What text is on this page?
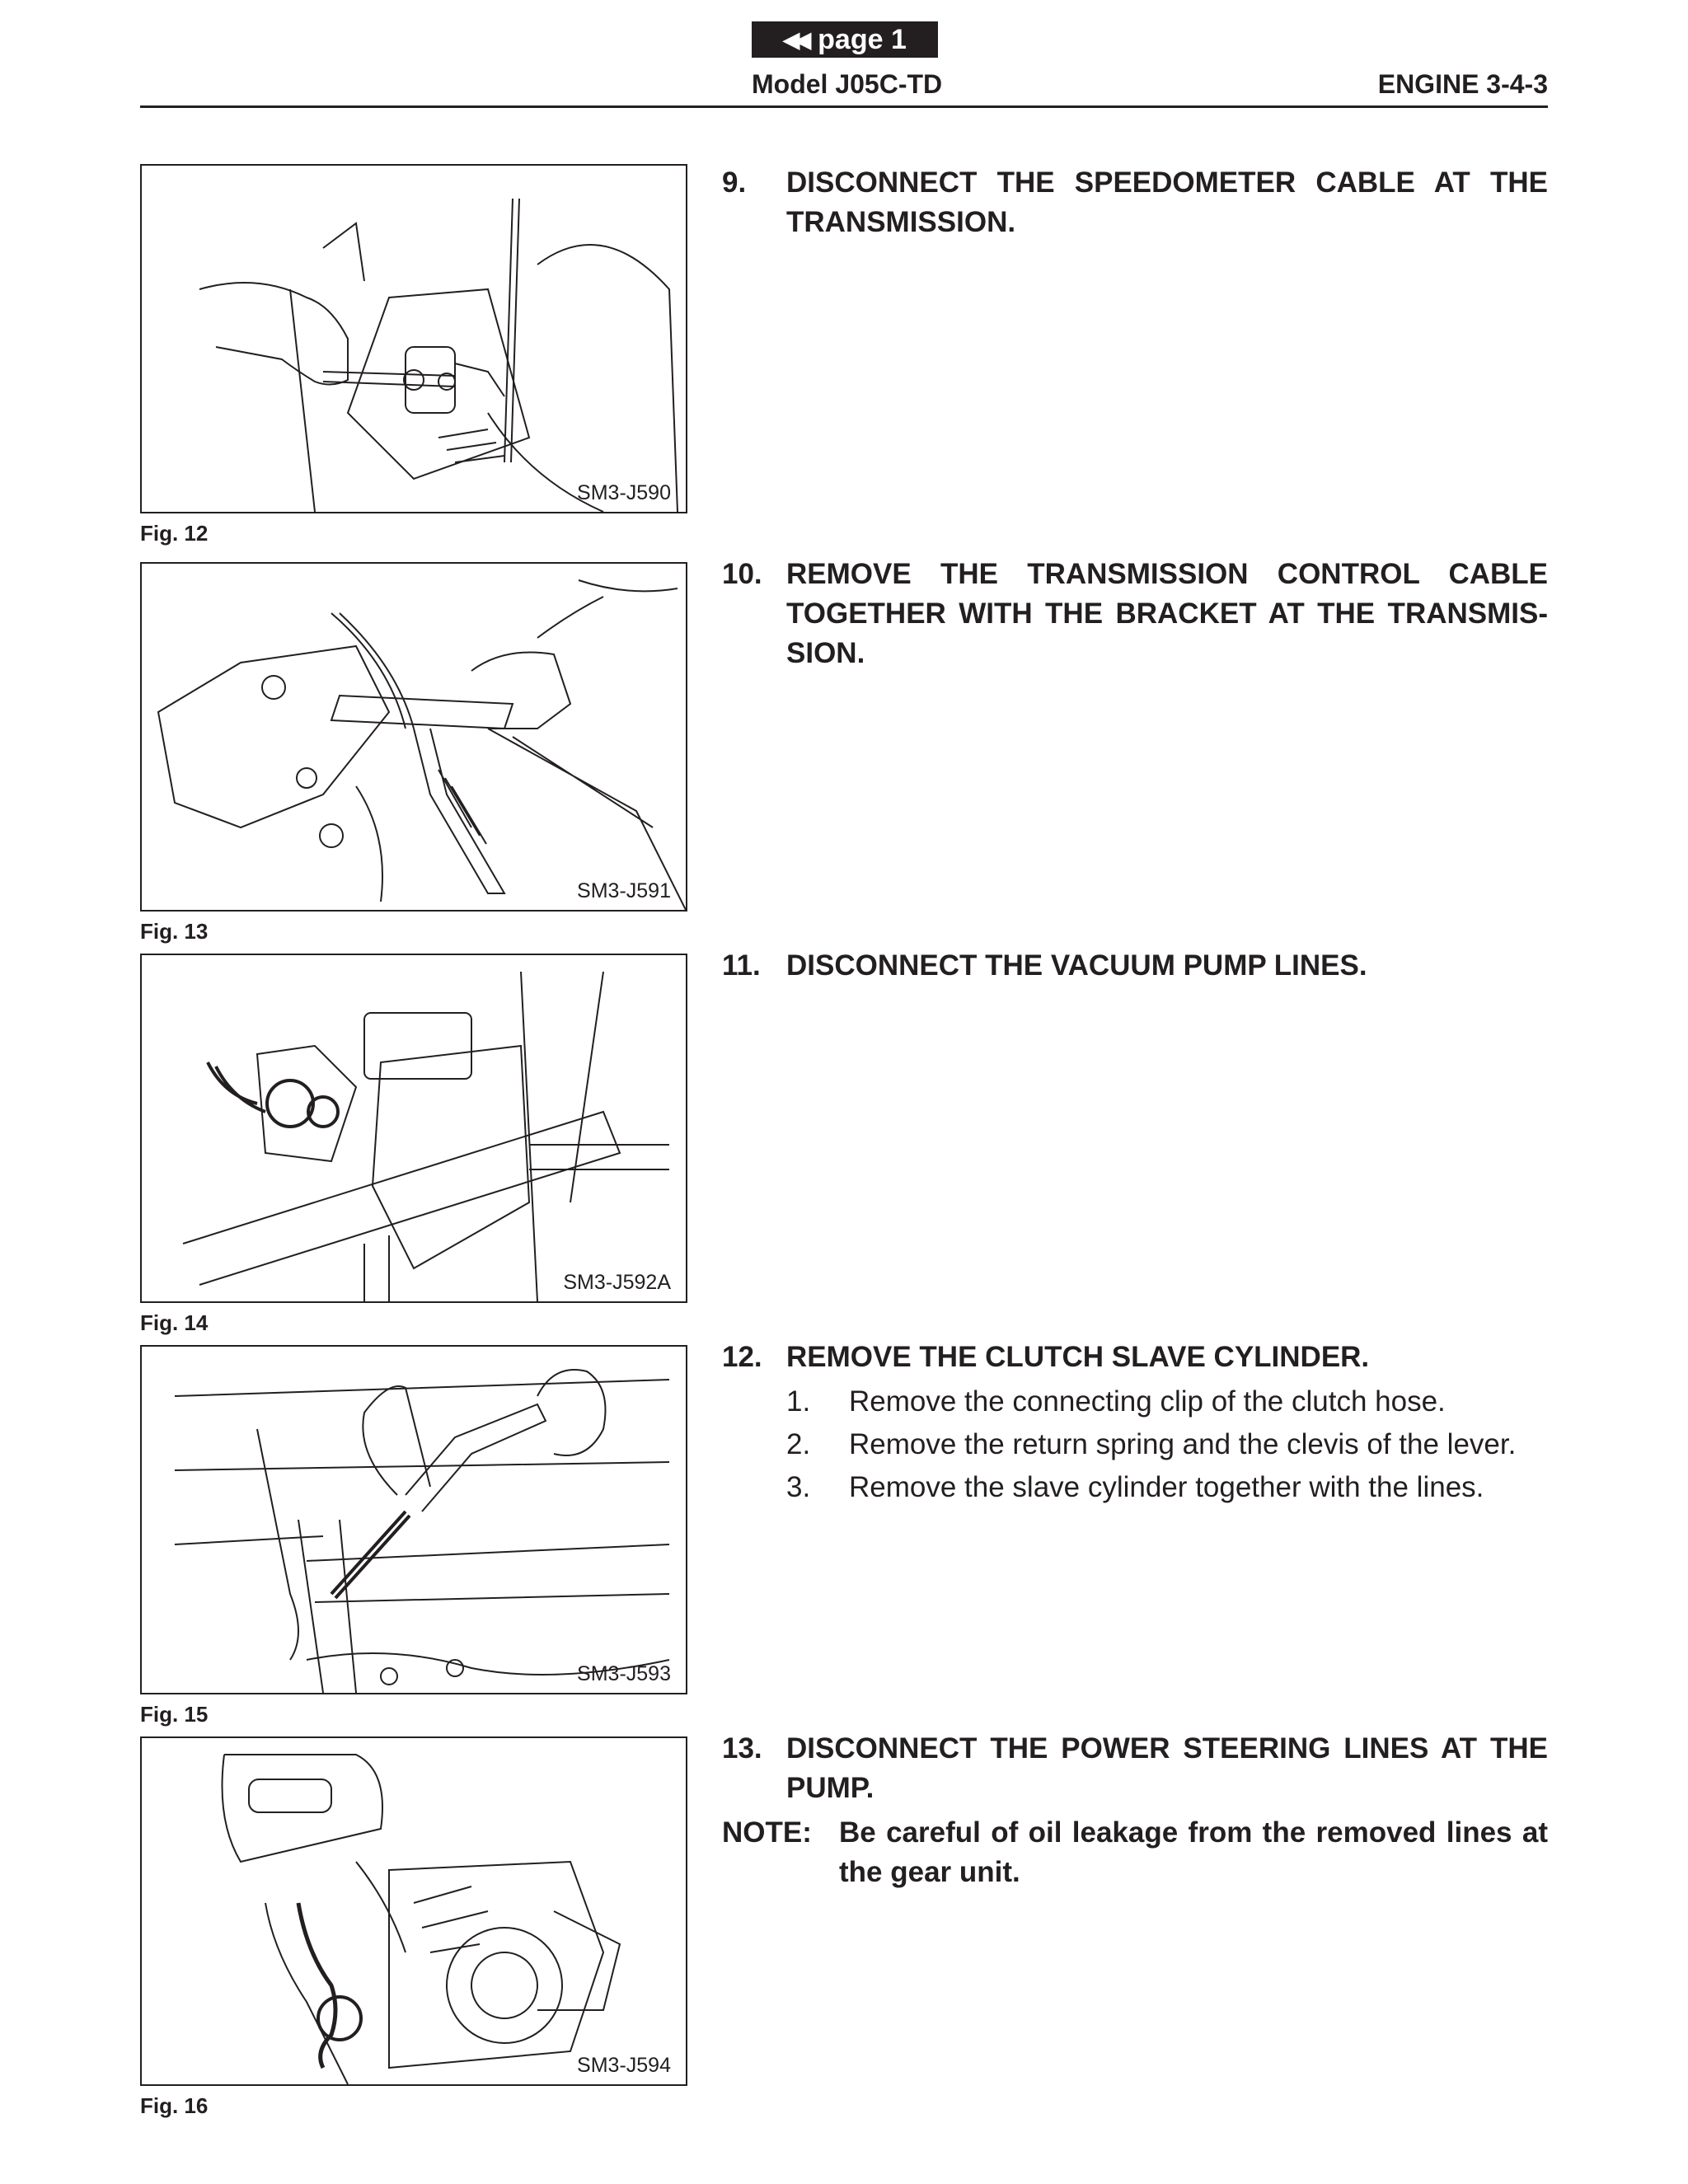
◀◀ page 1
Model J05C-TD	ENGINE 3-4-3
SM3-J590
Fig. 12
SM3-J591
Fig. 13
SM3-J592A
Fig. 14
SM3-J593
Fig. 15
SM3-J594
Fig. 16
9.	DISCONNECT THE SPEEDOMETER CABLE AT THE TRANSMISSION.
10. REMOVE THE TRANSMISSION CONTROL CABLE TOGETHER WITH THE BRACKET AT THE TRANSMIS-SION.
11. DISCONNECT THE VACUUM PUMP LINES.
12. REMOVE THE CLUTCH SLAVE CYLINDER.
1.	Remove the connecting clip of the clutch hose.
2.	Remove the return spring and the clevis of the lever.
3.	Remove the slave cylinder together with the lines.
13. DISCONNECT THE POWER STEERING LINES AT THE PUMP.
NOTE: Be careful of oil leakage from the removed lines at the gear unit.
